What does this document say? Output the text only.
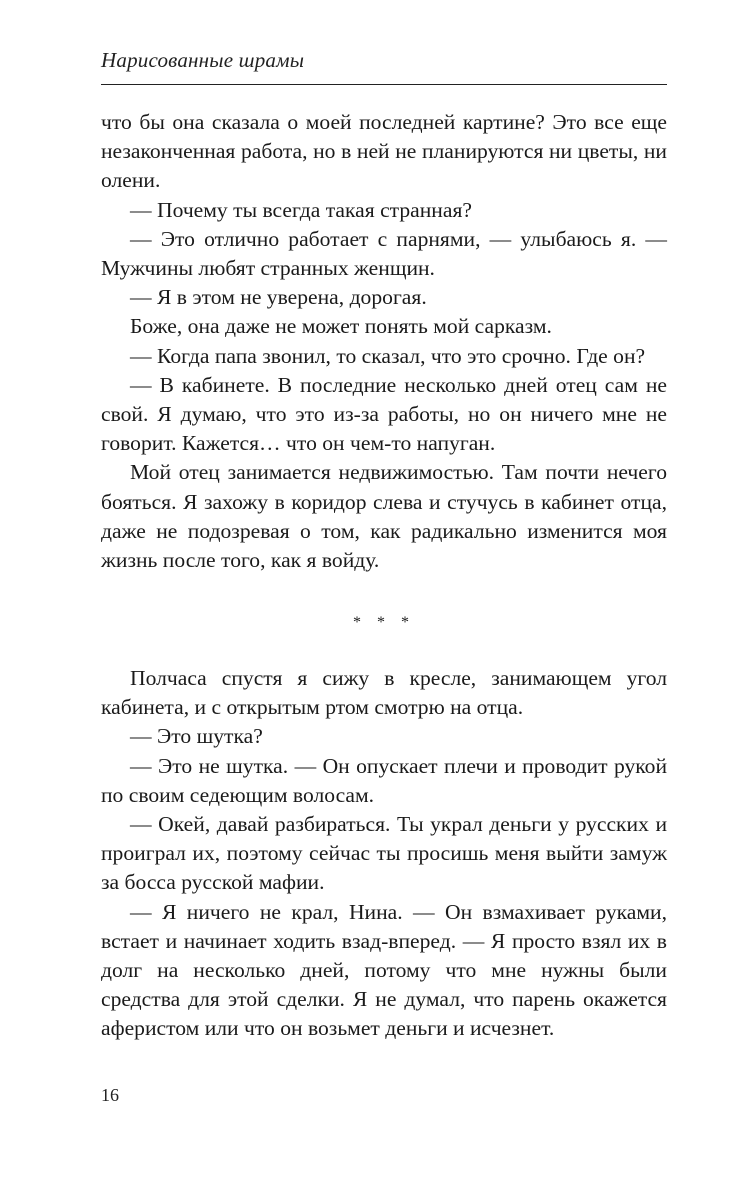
Нарисованные шрамы

что бы она сказала о моей последней картине? Это все еще незаконченная работа, но в ней не планируются ни цветы, ни олени.

— Почему ты всегда такая странная?

— Это отлично работает с парнями, — улыбаюсь я. — Мужчины любят странных женщин.

— Я в этом не уверена, дорогая.

Боже, она даже не может понять мой сарказм.

— Когда папа звонил, то сказал, что это срочно. Где он?

— В кабинете. В последние несколько дней отец сам не свой. Я думаю, что это из-за работы, но он ничего мне не говорит. Кажется… что он чем-то напуган.

Мой отец занимается недвижимостью. Там почти нечего бояться. Я захожу в коридор слева и стучусь в кабинет отца, даже не подозревая о том, как радикально изменится моя жизнь после того, как я войду.

* * *

Полчаса спустя я сижу в кресле, занимающем угол кабинета, и с открытым ртом смотрю на отца.

— Это шутка?

— Это не шутка. — Он опускает плечи и проводит рукой по своим седеющим волосам.

— Окей, давай разбираться. Ты украл деньги у русских и проиграл их, поэтому сейчас ты просишь меня выйти замуж за босса русской мафии.

— Я ничего не крал, Нина. — Он взмахивает руками, встает и начинает ходить взад-вперед. — Я просто взял их в долг на несколько дней, потому что мне нужны были средства для этой сделки. Я не думал, что парень окажется аферистом или что он возьмет деньги и исчезнет.

16
